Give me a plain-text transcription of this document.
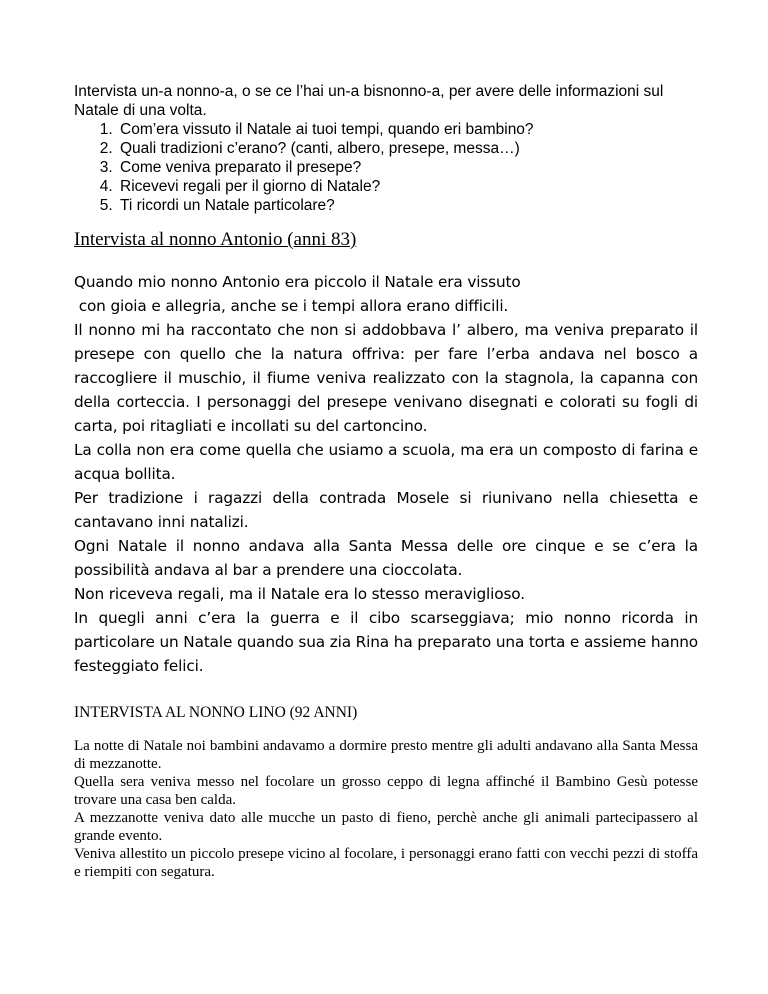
Intervista un-a nonno-a, o se ce l’hai un-a bisnonno-a, per avere delle informazioni sul Natale di una volta.

1. Com’era vissuto il Natale ai tuoi tempi, quando eri bambino?
2. Quali tradizioni c’erano? (canti, albero, presepe, messa…)
3. Come veniva preparato il presepe?
4. Ricevevi regali per il giorno di Natale?
5. Ti ricordi un Natale particolare?
Intervista al nonno Antonio (anni 83)

Quando mio nonno Antonio era piccolo il Natale era vissuto

con gioia e allegria, anche se i tempi allora erano difficili.

Il nonno mi ha raccontato che non si addobbava l’ albero, ma veniva preparato il presepe con quello che la natura offriva: per fare l’erba andava nel bosco a raccogliere il muschio, il fiume veniva realizzato con la stagnola, la capanna con della corteccia. I personaggi del presepe venivano disegnati e colorati su fogli di carta, poi ritagliati e incollati su del cartoncino.

La colla non era come quella che usiamo a scuola, ma era un composto di farina e acqua bollita.

Per tradizione i ragazzi della contrada Mosele si riunivano nella chiesetta e cantavano inni natalizi.

Ogni Natale il nonno andava alla Santa Messa delle ore cinque e se c’era la possibilità andava al bar a prendere una cioccolata.

Non riceveva regali, ma il Natale era lo stesso meraviglioso.

In quegli anni c’era la guerra e il cibo scarseggiava; mio nonno ricorda in particolare un Natale quando sua zia Rina ha preparato una torta e assieme hanno festeggiato felici.

INTERVISTA AL NONNO LINO (92 ANNI)

La notte di Natale noi bambini andavamo a dormire presto mentre gli adulti andavano alla Santa Messa di mezzanotte.

Quella sera veniva messo nel focolare un grosso ceppo di legna affinché il Bambino Gesù potesse trovare una casa ben calda.

A mezzanotte veniva dato alle mucche un pasto di fieno, perchè anche gli animali partecipassero al grande evento.

Veniva allestito un piccolo presepe vicino al focolare, i personaggi erano fatti con vecchi pezzi di stoffa e riempiti con segatura.
